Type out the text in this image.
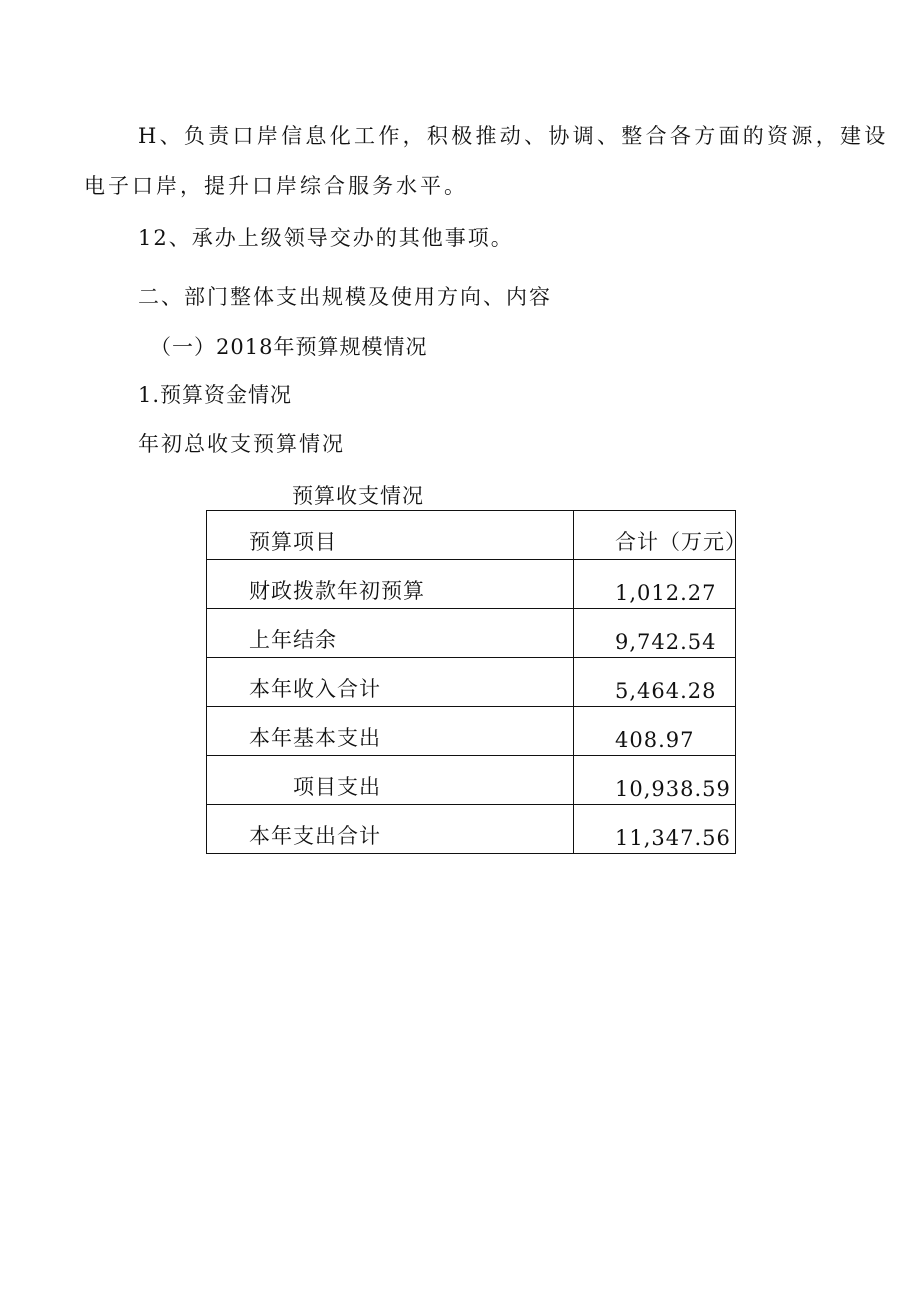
H、负责口岸信息化工作，积极推动、协调、整合各方面的资源，建设
电子口岸，提升口岸综合服务水平。
12、承办上级领导交办的其他事项。
二、部门整体支出规模及使用方向、内容
（一）2018年预算规模情况
1.预算资金情况
年初总收支预算情况
预算收支情况
预算项目	合计（万元）
财政拨款年初预算	1,012.27
上年结余	9,742.54
本年收入合计	5,464.28
本年基本支出	408.97
项目支出	10,938.59
本年支出合计	11,347.56
